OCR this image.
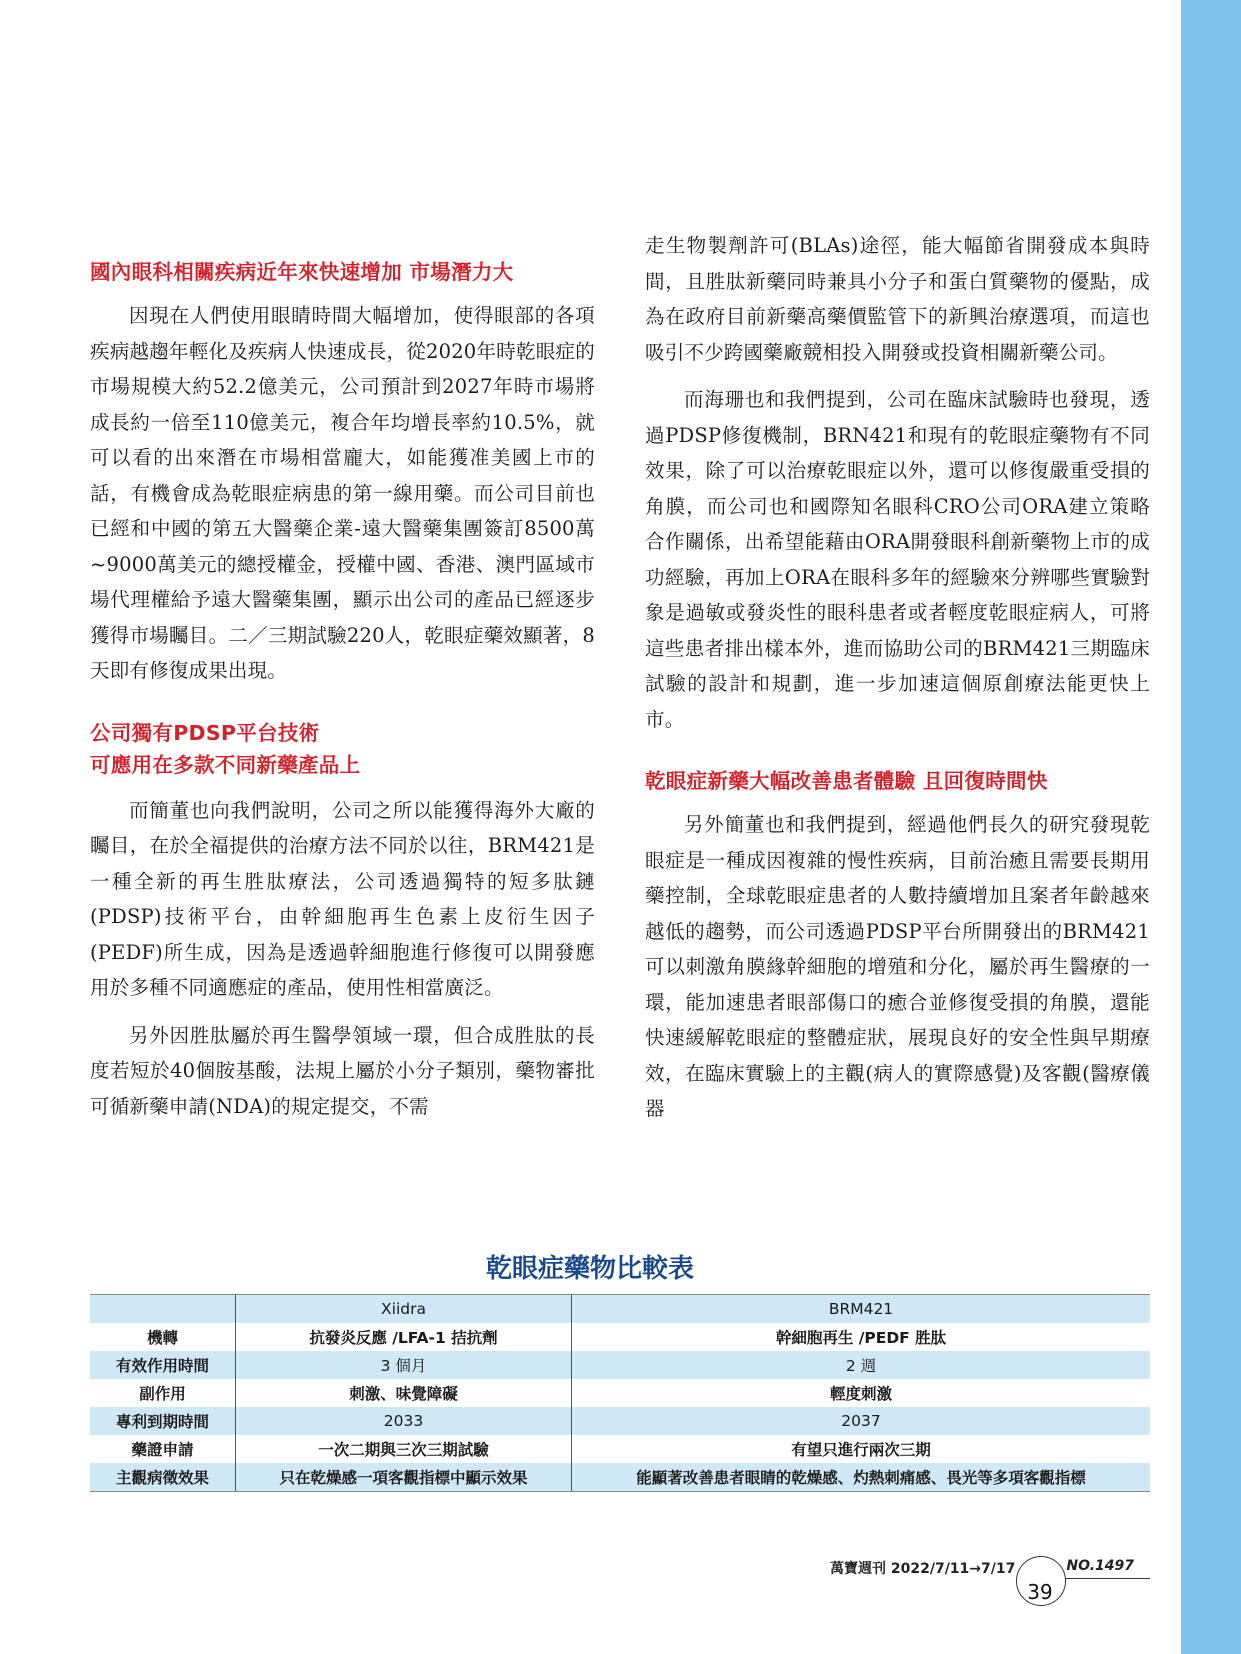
國內眼科相關疾病近年來快速增加 市場潛力大

因現在人們使用眼睛時間大幅增加，使得眼部的各項疾病越趨年輕化及疾病人快速成長，從2020年時乾眼症的市場規模大約52.2億美元，公司預計到2027年時市場將成長約一倍至110億美元，複合年均增長率約10.5%，就可以看的出來潛在市場相當龐大，如能獲准美國上市的話，有機會成為乾眼症病患的第一線用藥。而公司目前也已經和中國的第五大醫藥企業-遠大醫藥集團簽訂8500萬~9000萬美元的總授權金，授權中國、香港、澳門區域市場代理權給予遠大醫藥集團，顯示出公司的產品已經逐步獲得市場矚目。二／三期試驗220人，乾眼症藥效顯著，8天即有修復成果出現。

公司獨有PDSP平台技術
可應用在多款不同新藥產品上

而簡董也向我們說明，公司之所以能獲得海外大廠的矚目，在於全福提供的治療方法不同於以往，BRM421是一種全新的再生胜肽療法，公司透過獨特的短多肽鏈(PDSP)技術平台，由幹細胞再生色素上皮衍生因子(PEDF)所生成，因為是透過幹細胞進行修復可以開發應用於多種不同適應症的產品，使用性相當廣泛。

另外因胜肽屬於再生醫學領域一環，但合成胜肽的長度若短於40個胺基酸，法規上屬於小分子類別，藥物審批可循新藥申請(NDA)的規定提交，不需

走生物製劑許可(BLAs)途徑，能大幅節省開發成本與時間，且胜肽新藥同時兼具小分子和蛋白質藥物的優點，成為在政府目前新藥高藥價監管下的新興治療選項，而這也吸引不少跨國藥廠競相投入開發或投資相關新藥公司。

而海珊也和我們提到，公司在臨床試驗時也發現，透過PDSP修復機制，BRN421和現有的乾眼症藥物有不同效果，除了可以治療乾眼症以外，還可以修復嚴重受損的角膜，而公司也和國際知名眼科CRO公司ORA建立策略合作關係，出希望能藉由ORA開發眼科創新藥物上市的成功經驗，再加上ORA在眼科多年的經驗來分辨哪些實驗對象是過敏或發炎性的眼科患者或者輕度乾眼症病人，可將這些患者排出樣本外，進而協助公司的BRM421三期臨床試驗的設計和規劃，進一步加速這個原創療法能更快上市。

乾眼症新藥大幅改善患者體驗 且回復時間快

另外簡董也和我們提到，經過他們長久的研究發現乾眼症是一種成因複雜的慢性疾病，目前治癒且需要長期用藥控制，全球乾眼症患者的人數持續增加且案者年齡越來越低的趨勢，而公司透過PDSP平台所開發出的BRM421可以刺激角膜緣幹細胞的增殖和分化，屬於再生醫療的一環，能加速患者眼部傷口的癒合並修復受損的角膜，還能快速緩解乾眼症的整體症狀，展現良好的安全性與早期療效，在臨床實驗上的主觀(病人的實際感覺)及客觀(醫療儀器

乾眼症藥物比較表
	Xiidra	BRM421
機轉	抗發炎反應 /LFA-1 拮抗劑	幹細胞再生 /PEDF 胜肽
有效作用時間	3 個月	2 週
副作用	刺激、味覺障礙	輕度刺激
專利到期時間	2033	2037
藥證申請	一次二期與三次三期試驗	有望只進行兩次三期
主觀病徵效果	只在乾燥感一項客觀指標中顯示效果	能顯著改善患者眼睛的乾燥感、灼熱刺痛感、畏光等多項客觀指標
萬寶週刊 2022/7/11→7/17	NO.1497
39
